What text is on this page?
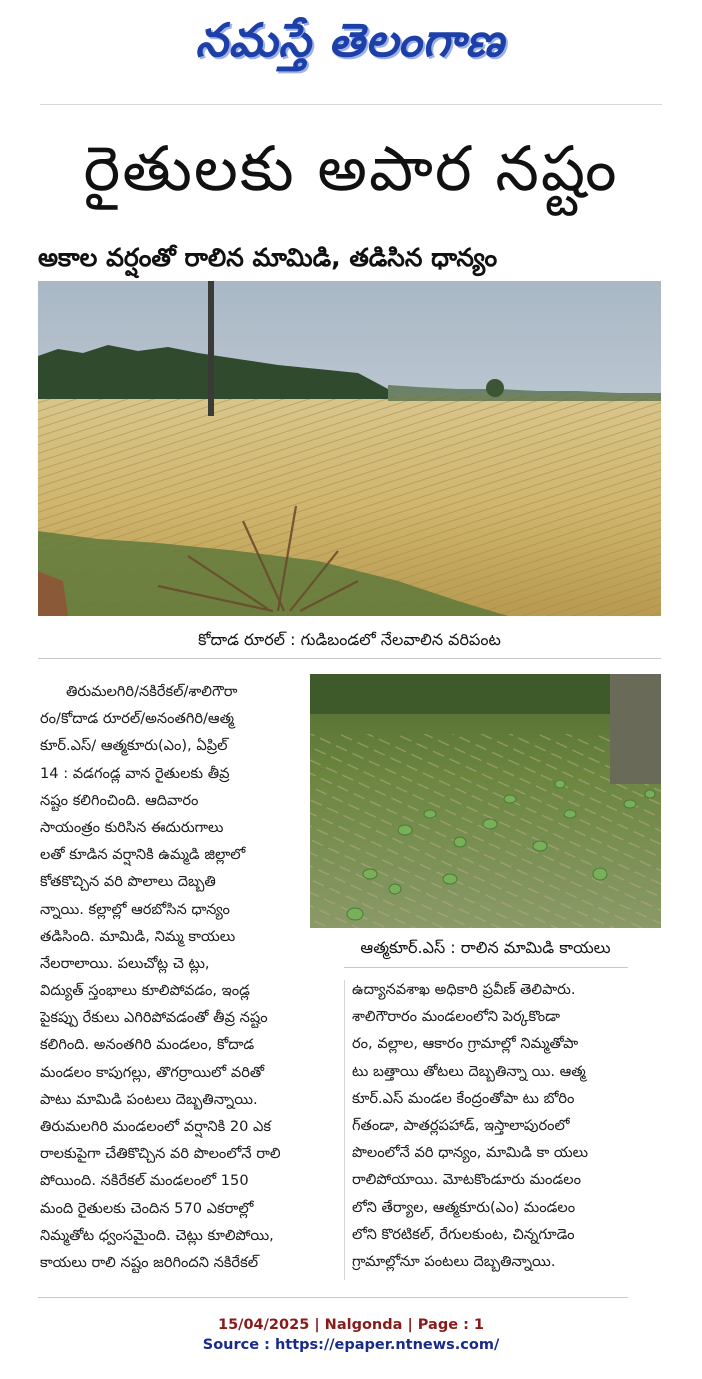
నమస్తే తెలంగాణ
రైతులకు అపార నష్టం
అకాల వర్షంతో రాలిన మామిడి, తడిసిన ధాన్యం
కోదాడ రూరల్ : గుడిబండలో నేలవాలిన వరిపంట
ఆత్మకూర్.ఎస్ : రాలిన మామిడి కాయలు
తిరుమలగిరి/నకిరేకల్/శాలిగౌరా
రం/కోదాడ రూరల్/అనంతగిరి/ఆత్మ
కూర్.ఎస్/ ఆత్మకూరు(ఎం), ఏప్రిల్
14 : వడగండ్ల వాన రైతులకు తీవ్ర
నష్టం కలిగించింది. ఆదివారం
సాయంత్రం కురిసిన ఈదురుగాలు
లతో కూడిన వర్షానికి ఉమ్మడి జిల్లాలో
కోతకొచ్చిన వరి పొలాలు దెబ్బతి
న్నాయి. కల్లాల్లో ఆరబోసిన ధాన్యం
తడిసింది. మామిడి, నిమ్మ కాయలు
నేలరాలాయి. పలుచోట్ల చె ట్లు,
విద్యుత్ స్తంభాలు కూలిపోవడం, ఇండ్ల
పైకప్పు రేకులు ఎగిరిపోవడంతో తీవ్ర నష్టం
కలిగింది. అనంతగిరి మండలం, కోదాడ
మండలం కాపుగల్లు, తొగర్రాయిలో వరితో
పాటు మామిడి పంటలు దెబ్బతిన్నాయి.
తిరుమలగిరి మండలంలో వర్షానికి 20 ఎక
రాలకుపైగా చేతికొచ్చిన వరి పొలంలోనే రాలి
పోయింది. నకిరేకల్ మండలంలో 150
మంది రైతులకు చెందిన 570 ఎకరాల్లో
నిమ్మతోట ధ్వంసమైంది. చెట్లు కూలిపోయి,
కాయలు రాలి నష్టం జరిగిందని నకిరేకల్
ఉద్యానవశాఖ అధికారి ప్రవీణ్ తెలిపారు.
శాలిగౌరారం మండలంలోని పెర్కకొండా
రం, వల్లాల, ఆకారం గ్రామాల్లో నిమ్మతోపా
టు బత్తాయి తోటలు దెబ్బతిన్నా యి. ఆత్మ
కూర్.ఎస్ మండల కేంద్రంతోపా టు బోరిం
గ్‌తండా, పాతర్లపహాడ్, ఇస్తాలాపురంలో
పొలంలోనే వరి ధాన్యం, మామిడి కా యలు
రాలిపోయాయి. మోటకొండూరు మండలం
లోని తేర్యాల, ఆత్మకూరు(ఎం) మండలం
లోని కొరటికల్, రేగులకుంట, చిన్నగూడెం
గ్రామాల్లోనూ పంటలు దెబ్బతిన్నాయి.
15/04/2025 | Nalgonda | Page : 1
Source : https://epaper.ntnews.com/
